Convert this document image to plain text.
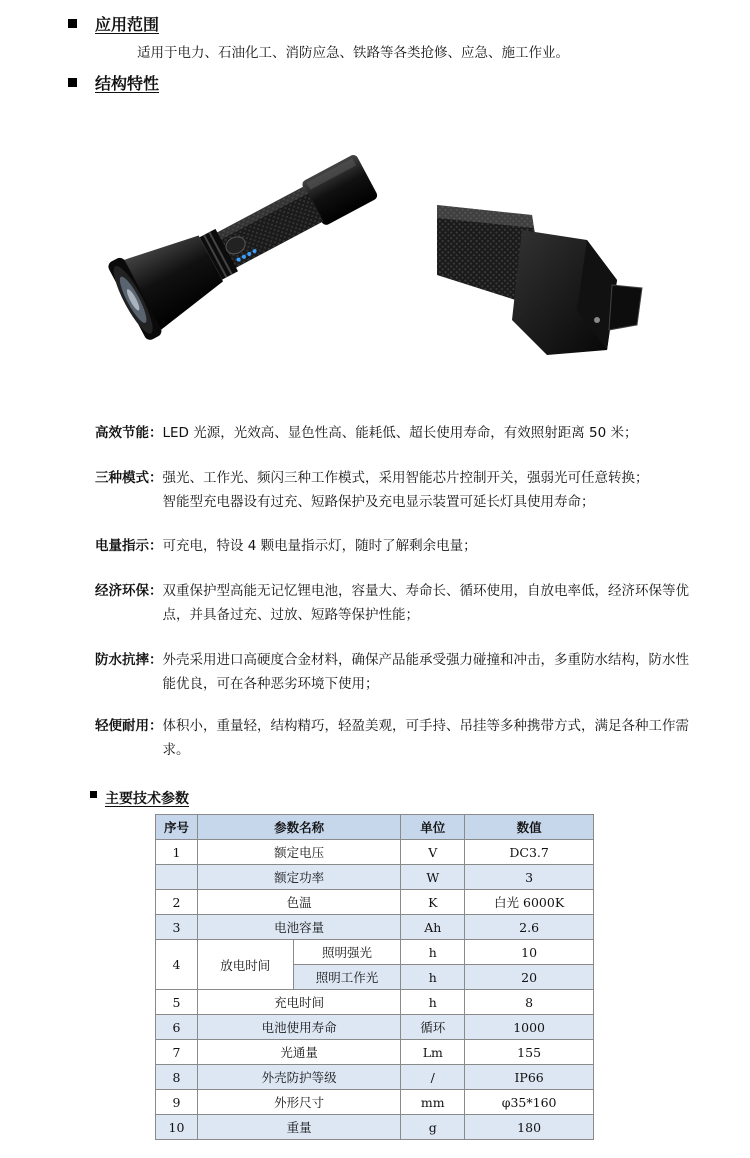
应用范围
适用于电力、石油化工、消防应急、铁路等各类抢修、应急、施工作业。
结构特性
高效节能： LED 光源，光效高、显色性高、能耗低、超长使用寿命，有效照射距离 50 米；
三种模式： 强光、工作光、频闪三种工作模式，采用智能芯片控制开关，强弱光可任意转换；
智能型充电器设有过充、短路保护及充电显示装置可延长灯具使用寿命；
电量指示： 可充电，特设 4 颗电量指示灯，随时了解剩余电量；
经济环保： 双重保护型高能无记忆锂电池，容量大、寿命长、循环使用，自放电率低，经济环保等优点，并具备过充、过放、短路等保护性能；
防水抗摔： 外壳采用进口高硬度合金材料，确保产品能承受强力碰撞和冲击，多重防水结构，防水性能优良，可在各种恶劣环境下使用；
轻便耐用： 体积小，重量轻，结构精巧，轻盈美观，可手持、吊挂等多种携带方式，满足各种工作需求。
主要技术参数
序号	参数名称		单位	数值
1	额定电压		V	DC3.7
	额定功率		W	3
2	色温		K	白光 6000K
3	电池容量		Ah	2.6
4	放电时间	照明强光	h	10
		照明工作光	h	20
5	充电时间		h	8
6	电池使用寿命		循环	1000
7	光通量		Lm	155
8	外壳防护等级		/	IP66
9	外形尺寸		mm	φ35*160
10	重量		g	180
